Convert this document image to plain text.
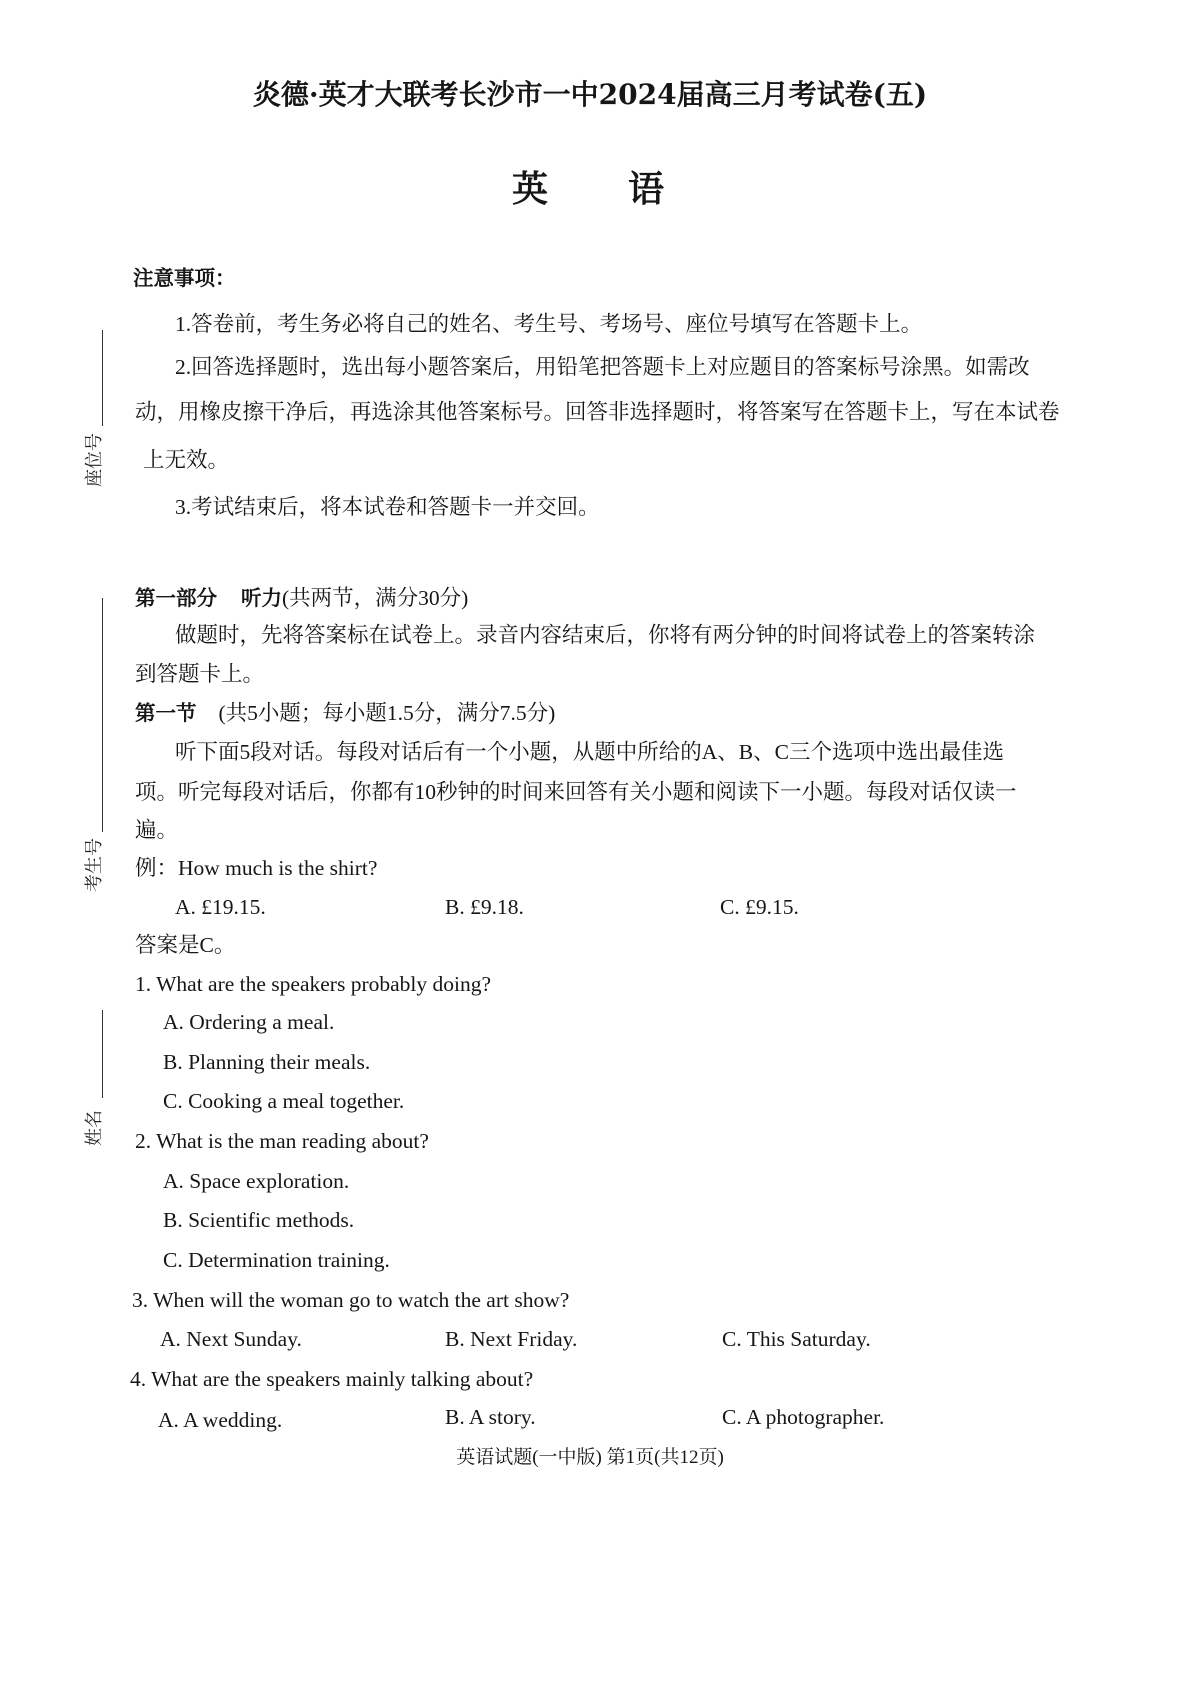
座位号
考生号
姓名
炎德·英才大联考长沙市一中2024届高三月考试卷(五)
英语
注意事项：
1.答卷前，考生务必将自己的姓名、考生号、考场号、座位号填写在答题卡上。
2.回答选择题时，选出每小题答案后，用铅笔把答题卡上对应题目的答案标号涂黑。如需改
动，用橡皮擦干净后，再选涂其他答案标号。回答非选择题时，将答案写在答题卡上，写在本试卷
上无效。
3.考试结束后，将本试卷和答题卡一并交回。
第一部分 听力(共两节，满分30分)
做题时，先将答案标在试卷上。录音内容结束后，你将有两分钟的时间将试卷上的答案转涂
到答题卡上。
第一节 (共5小题；每小题1.5分，满分7.5分)
听下面5段对话。每段对话后有一个小题，从题中所给的A、B、C三个选项中选出最佳选
项。听完每段对话后，你都有10秒钟的时间来回答有关小题和阅读下一小题。每段对话仅读一
遍。
例：How much is the shirt?
A. £19.15.	B. £9.18.	C. £9.15.
答案是C。
1. What are the speakers probably doing?
A. Ordering a meal.
B. Planning their meals.
C. Cooking a meal together.
2. What is the man reading about?
A. Space exploration.
B. Scientific methods.
C. Determination training.
3. When will the woman go to watch the art show?
A. Next Sunday.	B. Next Friday.	C. This Saturday.
4. What are the speakers mainly talking about?
A. A wedding.	B. A story.	C. A photographer.
英语试题(一中版) 第1页(共12页)
